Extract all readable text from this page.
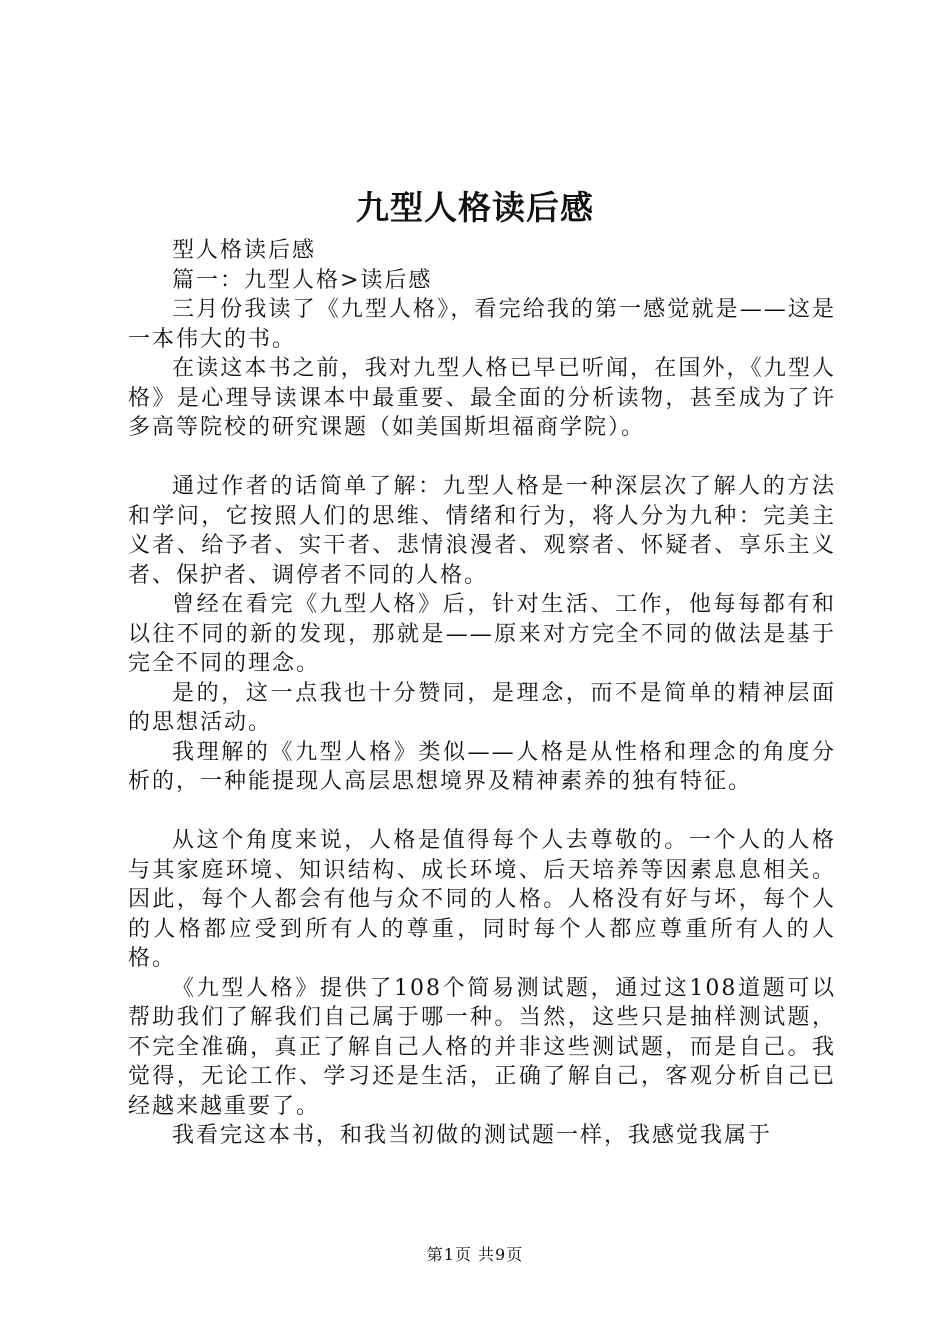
九型人格读后感

型人格读后感

篇一：九型人格>读后感

三月份我读了《九型人格》，看完给我的第一感觉就是——这是一本伟大的书。

在读这本书之前，我对九型人格已早已听闻，在国外，《九型人格》是心理导读课本中最重要、最全面的分析读物，甚至成为了许多高等院校的研究课题（如美国斯坦福商学院）。

通过作者的话简单了解：九型人格是一种深层次了解人的方法和学问，它按照人们的思维、情绪和行为，将人分为九种：完美主义者、给予者、实干者、悲情浪漫者、观察者、怀疑者、享乐主义者、保护者、调停者不同的人格。

曾经在看完《九型人格》后，针对生活、工作，他每每都有和以往不同的新的发现，那就是——原来对方完全不同的做法是基于完全不同的理念。

是的，这一点我也十分赞同，是理念，而不是简单的精神层面的思想活动。

我理解的《九型人格》类似——人格是从性格和理念的角度分析的，一种能提现人高层思想境界及精神素养的独有特征。

从这个角度来说，人格是值得每个人去尊敬的。一个人的人格与其家庭环境、知识结构、成长环境、后天培养等因素息息相关。因此，每个人都会有他与众不同的人格。人格没有好与坏，每个人的人格都应受到所有人的尊重，同时每个人都应尊重所有人的人格。

《九型人格》提供了108个简易测试题，通过这108道题可以帮助我们了解我们自己属于哪一种。当然，这些只是抽样测试题，不完全准确，真正了解自己人格的并非这些测试题，而是自己。我觉得，无论工作、学习还是生活，正确了解自己，客观分析自己已经越来越重要了。

我看完这本书，和我当初做的测试题一样，我感觉我属于

第1页 共9页
